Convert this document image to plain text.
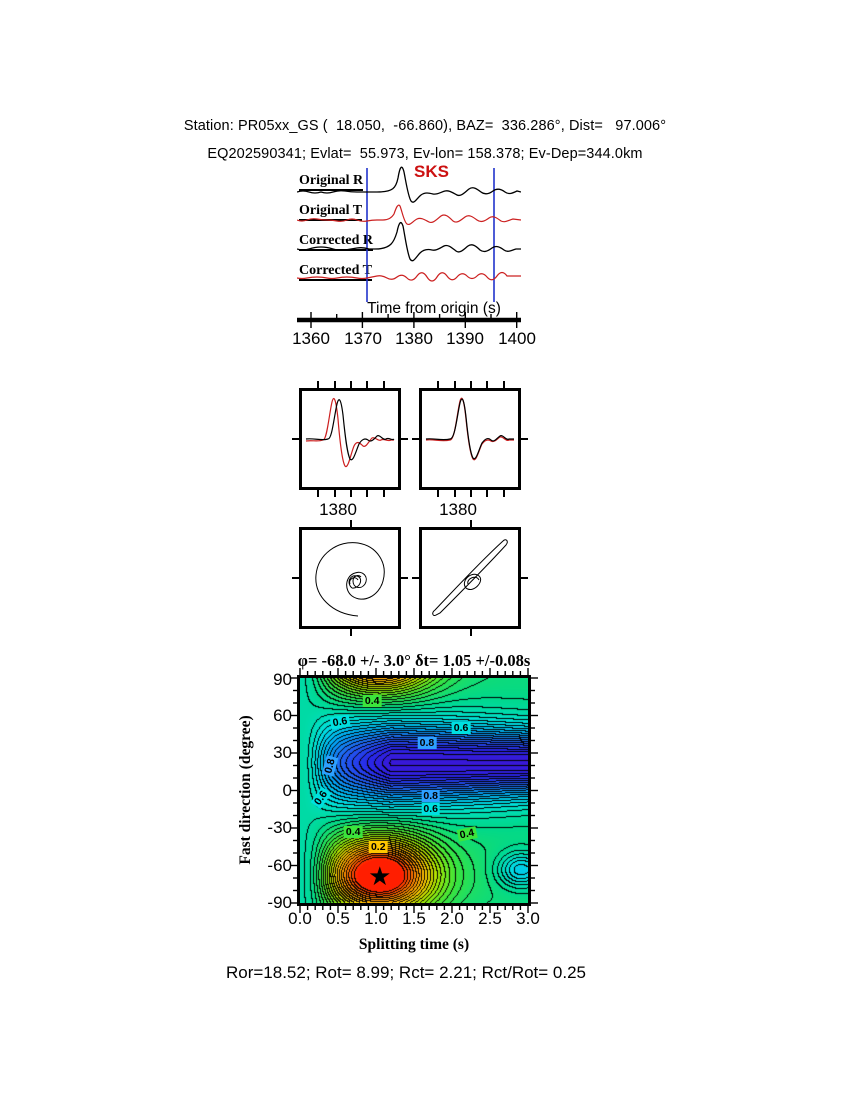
Station: PR05xx_GS (  18.050,  -66.860), BAZ=  336.286°, Dist=   97.006°
EQ202590341; Evlat=  55.973, Ev-lon= 158.378; Ev-Dep=344.0km
Original R
Original T
Corrected R
Corrected T
SKS
Time from origin (s)
1360 1370 1380 1390 1400
1380	1380
φ= -68.0 +/- 3.0° δt= 1.05 +/-0.08s
★
Fast direction (degree)
Splitting time (s)
90
60
30
0
-30
-60
-90
0.0 0.5 1.0 1.5 2.0 2.5 3.0
Ror=18.52; Rot= 8.99; Rct= 2.21; Rct/Rot= 0.25
0.4
0.6	0.6
0.8
0.8
0.6	0.8
0.6
0.4	0.4
0.2
